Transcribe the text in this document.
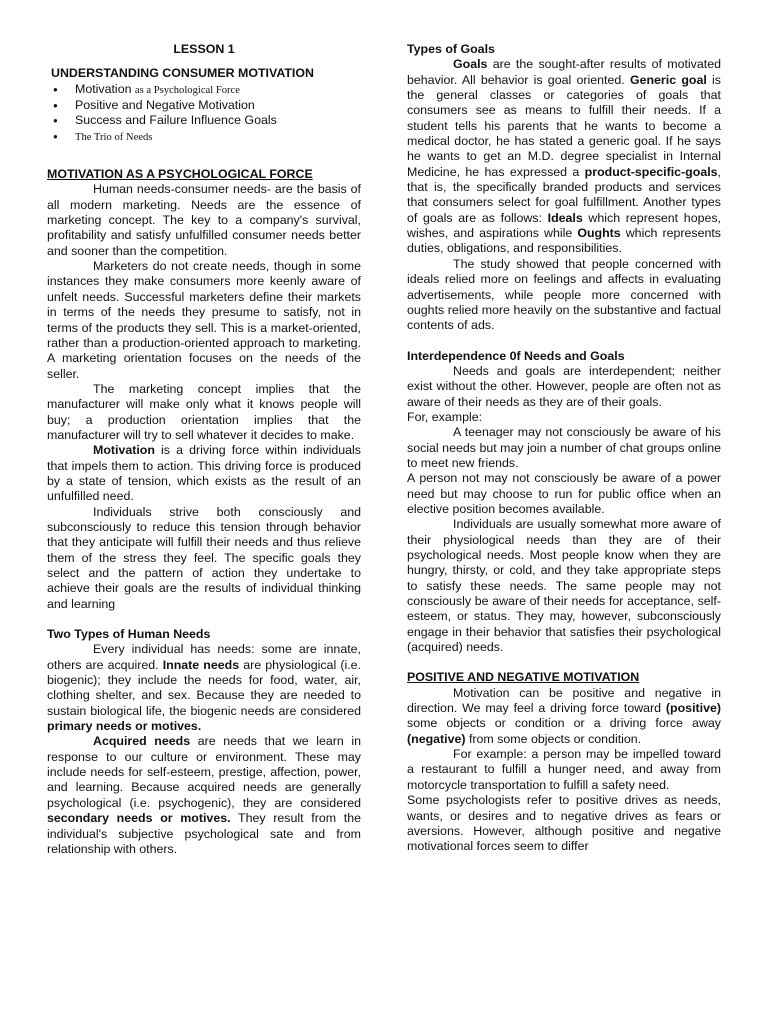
LESSON 1

UNDERSTANDING CONSUMER MOTIVATION

● Motivation as a Psychological Force
● Positive and Negative Motivation
● Success and Failure Influence Goals
● The Trio of Needs

MOTIVATION AS A PSYCHOLOGICAL FORCE

Human needs-consumer needs- are the basis of all modern marketing. Needs are the essence of marketing concept. The key to a company's survival, profitability and satisfy unfulfilled consumer needs better and sooner than the competition.

Marketers do not create needs, though in some instances they make consumers more keenly aware of unfelt needs. Successful marketers define their markets in terms of the needs they presume to satisfy, not in terms of the products they sell. This is a market-oriented, rather than a production-oriented approach to marketing. A marketing orientation focuses on the needs of the seller.

The marketing concept implies that the manufacturer will make only what it knows people will buy; a production orientation implies that the manufacturer will try to sell whatever it decides to make.

Motivation is a driving force within individuals that impels them to action. This driving force is produced by a state of tension, which exists as the result of an unfulfilled need.

Individuals strive both consciously and subconsciously to reduce this tension through behavior that they anticipate will fulfill their needs and thus relieve them of the stress they feel. The specific goals they select and the pattern of action they undertake to achieve their goals are the results of individual thinking and learning

Two Types of Human Needs

Every individual has needs: some are innate, others are acquired. Innate needs are physiological (i.e. biogenic); they include the needs for food, water, air, clothing shelter, and sex. Because they are needed to sustain biological life, the biogenic needs are considered primary needs or motives.

Acquired needs are needs that we learn in response to our culture or environment. These may include needs for self-esteem, prestige, affection, power, and learning. Because acquired needs are generally psychological (i.e. psychogenic), they are considered secondary needs or motives. They result from the individual's subjective psychological sate and from relationship with others.

Types of Goals

Goals are the sought-after results of motivated behavior. All behavior is goal oriented. Generic goal is the general classes or categories of goals that consumers see as means to fulfill their needs. If a student tells his parents that he wants to become a medical doctor, he has stated a generic goal. If he says he wants to get an M.D. degree specialist in Internal Medicine, he has expressed a product-specific-goals, that is, the specifically branded products and services that consumers select for goal fulfillment. Another types of goals are as follows: Ideals which represent hopes, wishes, and aspirations while Oughts which represents duties, obligations, and responsibilities.

The study showed that people concerned with ideals relied more on feelings and affects in evaluating advertisements, while people more concerned with oughts relied more heavily on the substantive and factual contents of ads.

Interdependence 0f Needs and Goals

Needs and goals are interdependent; neither exist without the other. However, people are often not as aware of their needs as they are of their goals.

For, example:

A teenager may not consciously be aware of his social needs but may join a number of chat groups online to meet new friends.

A person not may not consciously be aware of a power need but may choose to run for public office when an elective position becomes available.

Individuals are usually somewhat more aware of their physiological needs than they are of their psychological needs. Most people know when they are hungry, thirsty, or cold, and they take appropriate steps to satisfy these needs. The same people may not consciously be aware of their needs for acceptance, self-esteem, or status. They may, however, subconsciously engage in their behavior that satisfies their psychological (acquired) needs.

POSITIVE AND NEGATIVE MOTIVATION

Motivation can be positive and negative in direction. We may feel a driving force toward (positive) some objects or condition or a driving force away (negative) from some objects or condition.

For example: a person may be impelled toward a restaurant to fulfill a hunger need, and away from motorcycle transportation to fulfill a safety need.

Some psychologists refer to positive drives as needs, wants, or desires and to negative drives as fears or aversions. However, although positive and negative motivational forces seem to differ
